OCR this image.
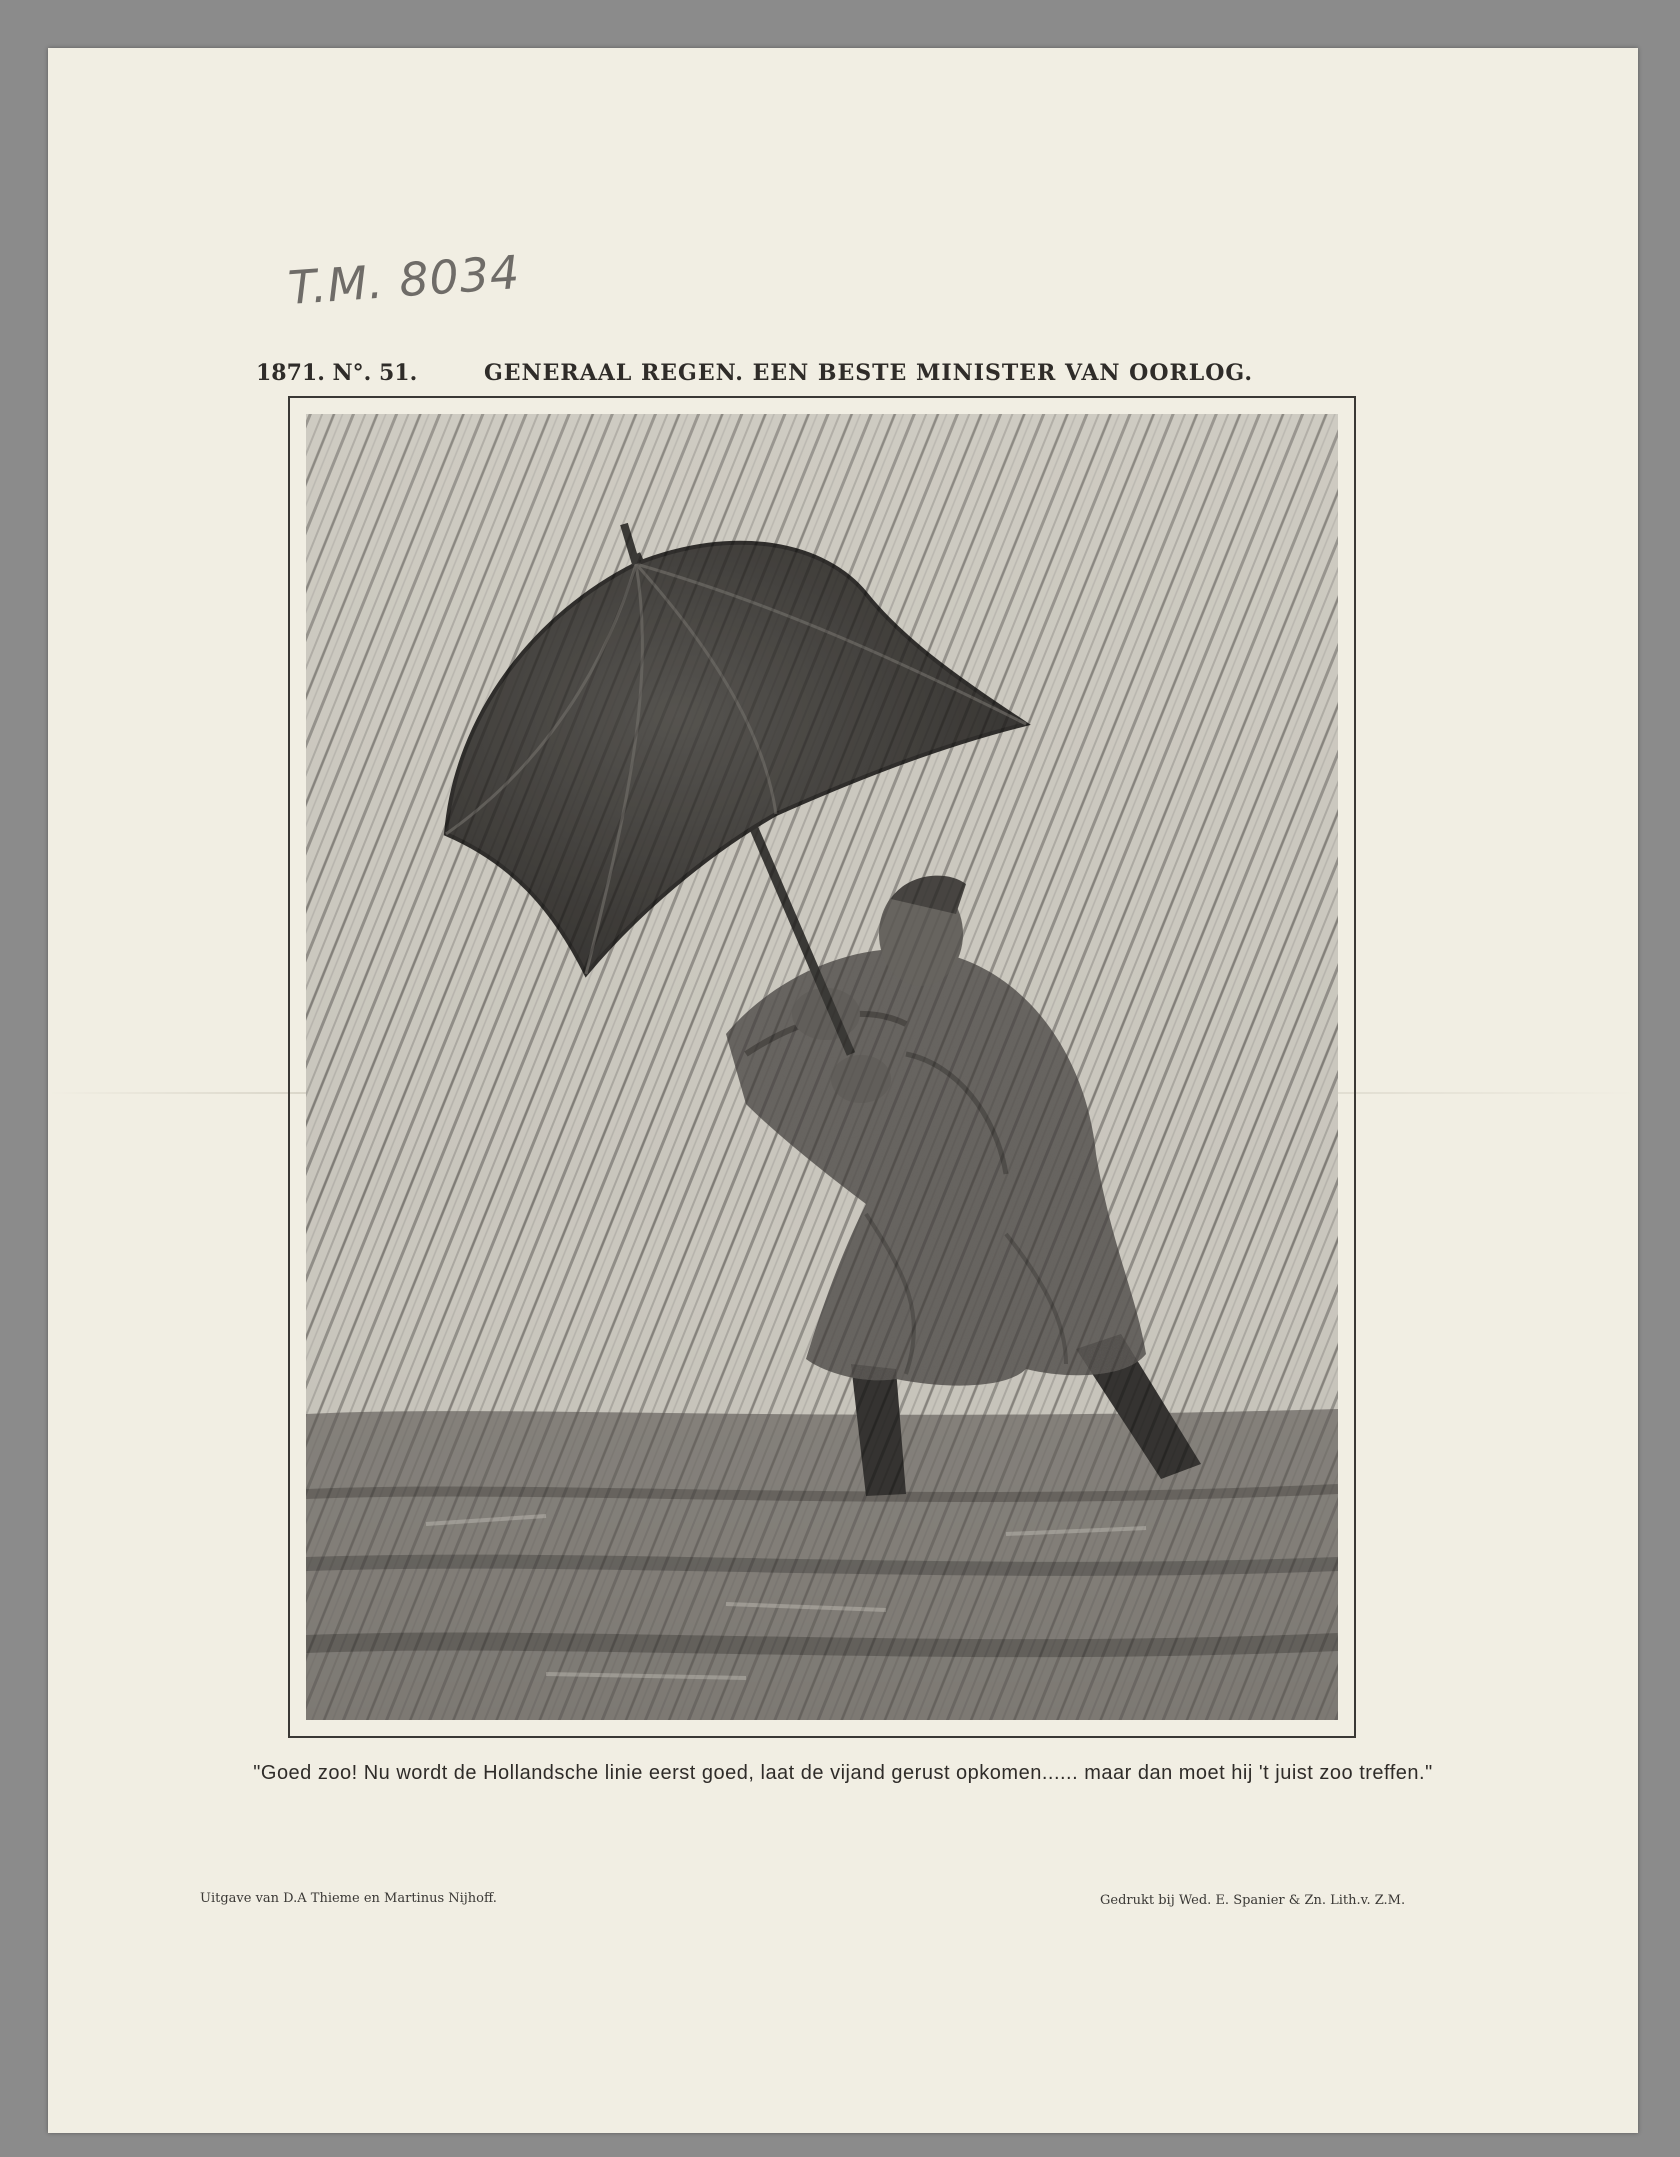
T.M. 8034
1871. N°. 51.	GENERAAL REGEN. EEN BESTE MINISTER VAN OORLOG.
"Goed zoo! Nu wordt de Hollandsche linie eerst goed, laat de vijand gerust opkomen...... maar dan moet hij 't juist zoo treffen."
Uitgave van D.A Thieme en Martinus Nijhoff.	Gedrukt bij Wed. E. Spanier & Zn. Lith.v. Z.M.
